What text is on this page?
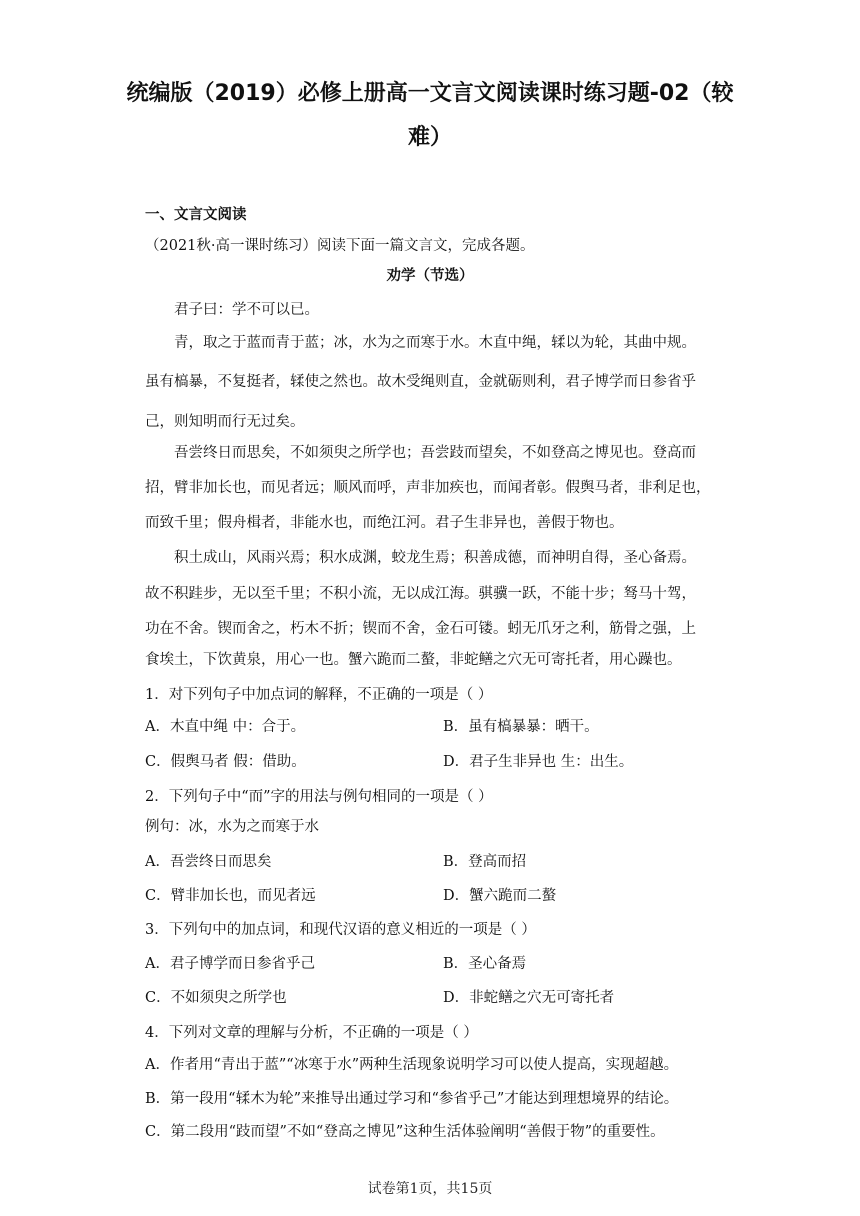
统编版（2019）必修上册高一文言文阅读课时练习题-02（较
难）
一、文言文阅读
（2021秋·高一课时练习）阅读下面一篇文言文，完成各题。
劝学（节选）
君子曰：学不可以已。
青，取之于蓝而青于蓝；冰，水为之而寒于水。木直中绳，𫐓以为轮，其曲中规。
虽有槁暴，不复挺者，𫐓使之然也。故木受绳则直，金就砺则利，君子博学而日参省乎
己，则知明而行无过矣。
吾尝终日而思矣，不如须臾之所学也；吾尝跂而望矣，不如登高之博见也。登高而
招，臂非加长也，而见者远；顺风而呼，声非加疾也，而闻者彰。假舆马者，非利足也，
而致千里；假舟楫者，非能水也，而绝江河。君子生非异也，善假于物也。
积土成山，风雨兴焉；积水成渊，蛟龙生焉；积善成德，而神明自得，圣心备焉。
故不积跬步，无以至千里；不积小流，无以成江海。骐骥一跃，不能十步；驽马十驾，
功在不舍。锲而舍之，朽木不折；锲而不舍，金石可镂。蚓无爪牙之利，筋骨之强，上
食埃土，下饮黄泉，用心一也。蟹六跪而二螯，非蛇鳝之穴无可寄托者，用心躁也。
1．对下列句子中加点词的解释，不正确的一项是（ ）
A．木直中绳 中：合于。	B．虽有槁暴暴：晒干。
C．假舆马者 假：借助。	D．君子生非异也 生：出生。
2．下列句子中“而”字的用法与例句相同的一项是（ ）
例句：冰，水为之而寒于水
A．吾尝终日而思矣	B．登高而招
C．臂非加长也，而见者远	D．蟹六跪而二螯
3．下列句中的加点词，和现代汉语的意义相近的一项是（ ）
A．君子博学而日参省乎己	B．圣心备焉
C．不如须臾之所学也	D．非蛇鳝之穴无可寄托者
4．下列对文章的理解与分析，不正确的一项是（ ）
A．作者用“青出于蓝”“冰寒于水”两种生活现象说明学习可以使人提高，实现超越。
B．第一段用“𫐓木为轮”来推导出通过学习和“参省乎己”才能达到理想境界的结论。
C．第二段用“跂而望”不如“登高之博见”这种生活体验阐明“善假于物”的重要性。
试卷第1页，共15页
